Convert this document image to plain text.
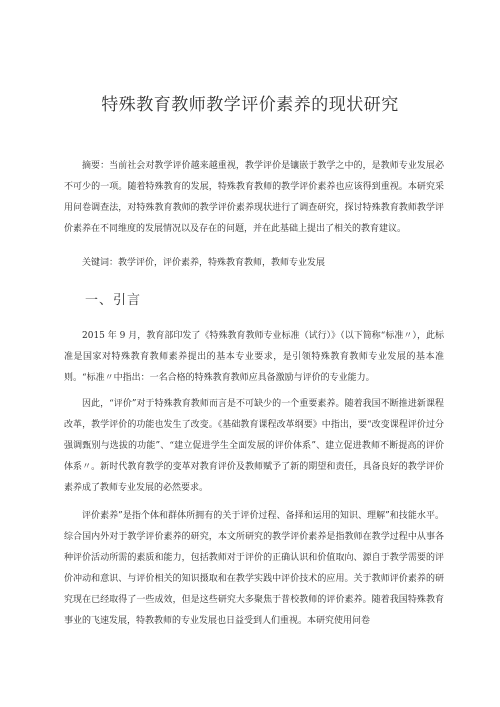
特殊教育教师教学评价素养的现状研究

摘要：当前社会对教学评价越来越重视，教学评价是镶嵌于教学之中的，是教师专业发展必不可少的一项。随着特殊教育的发展，特殊教育教师的教学评价素养也应该得到重视。本研究采用问卷调查法，对特殊教育教师的教学评价素养现状进行了调查研究，探讨特殊教育教师教学评价素养在不同维度的发展情况以及存在的问题，并在此基础上提出了相关的教育建议。

关键词：教学评价，评价素养，特殊教育教师，教师专业发展
一、引言

2015 年 9 月，教育部印发了《特殊教育教师专业标准（试行）》（以下简称“标准〃），此标准是国家对特殊教育教师素养提出的基本专业要求，是引领特殊教育教师专业发展的基本准则。“标准〃中指出：一名合格的特殊教育教师应具备激励与评价的专业能力。

因此，“评价”对于特殊教育教师而言是不可缺少的一个重要素养。随着我国不断推进新课程改革，教学评价的功能也发生了改变。《基础教育课程改革纲要》中指出，要“改变课程评价过分强调甄别与选拔的功能”、“建立促进学生全面发展的评价体系”、建立促进教师不断提高的评价体系〃。新时代教育教学的变革对教育评价及教师赋予了新的期望和责任，具备良好的教学评价素养成了教师专业发展的必然要求。

评价素养”是指个体和群体所拥有的关于评价过程、备择和运用的知识、理解”和技能水平。综合国内外对于教学评价素养的研究，本文所研究的教学评价素养是指教师在教学过程中从事各种评价活动所需的素质和能力，包括教师对于评价的正确认识和价值取向、源自于教学需要的评价冲动和意识、与评价相关的知识摄取和在教学实践中评价技术的应用。关于教师评价素养的研究现在已经取得了一些成效，但是这些研究大多聚焦于普校教师的评价素养。随着我国特殊教育事业的飞速发展，特教教师的专业发展也日益受到人们重视。本研究使用问卷
